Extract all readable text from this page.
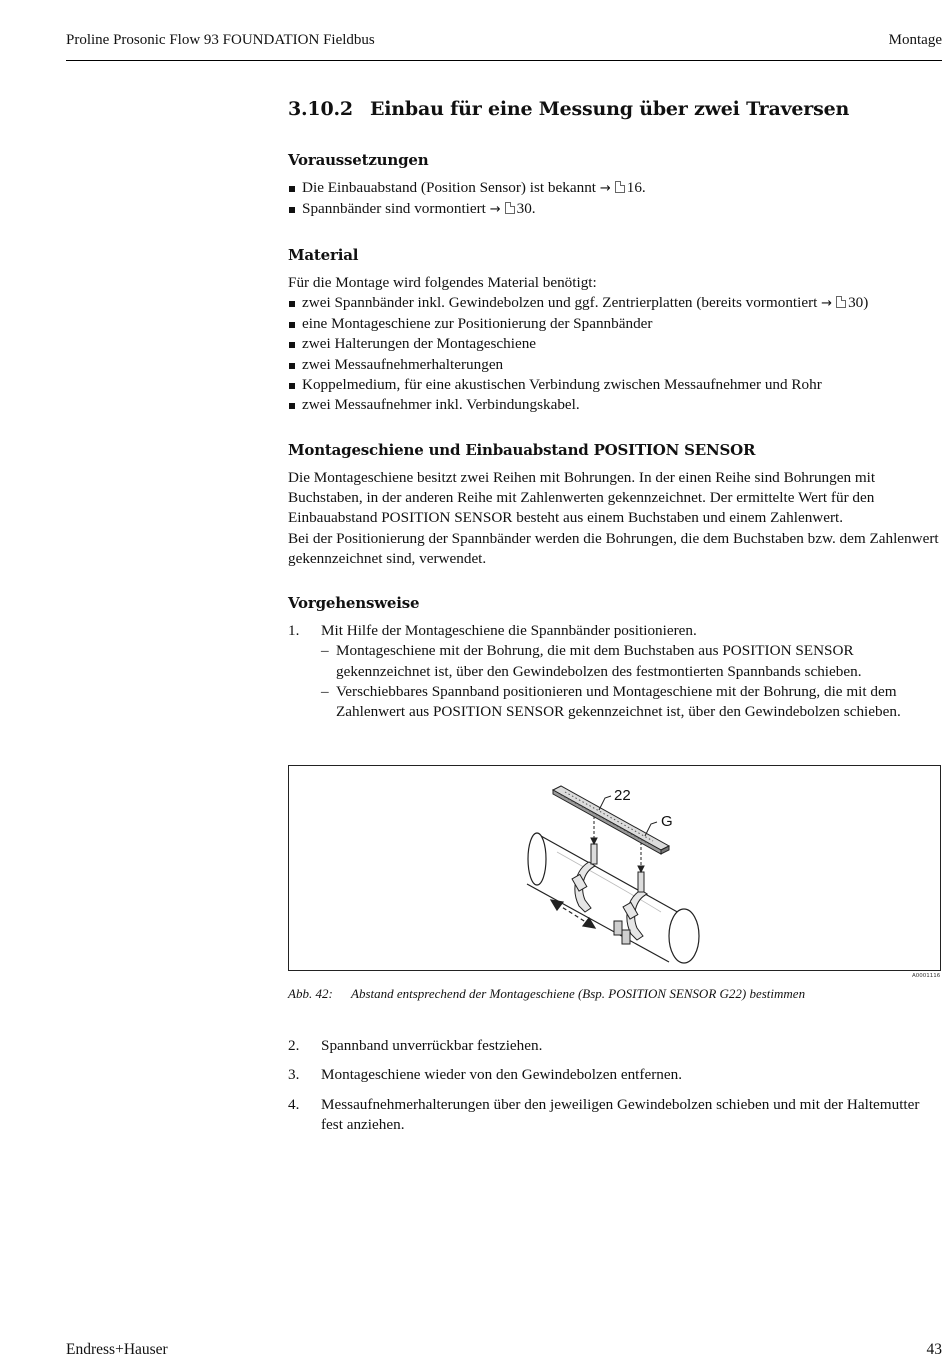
Proline Prosonic Flow 93 FOUNDATION Fieldbus	Montage
3.10.2 Einbau für eine Messung über zwei Traversen
Voraussetzungen
Die Einbauabstand (Position Sensor) ist bekannt → 16.
Spannbänder sind vormontiert → 30.
Material

Für die Montage wird folgendes Material benötigt:

zwei Spannbänder inkl. Gewindebolzen und ggf. Zentrierplatten (bereits vormontiert → 30)
eine Montageschiene zur Positionierung der Spannbänder
zwei Halterungen der Montageschiene
zwei Messaufnehmerhalterungen
Koppelmedium, für eine akustischen Verbindung zwischen Messaufnehmer und Rohr
zwei Messaufnehmer inkl. Verbindungskabel.
Montageschiene und Einbauabstand POSITION SENSOR

Die Montageschiene besitzt zwei Reihen mit Bohrungen. In der einen Reihe sind Bohrungen mit Buchstaben, in der anderen Reihe mit Zahlenwerten gekennzeichnet. Der ermittelte Wert für den Einbauabstand POSITION SENSOR besteht aus einem Buchstaben und einem Zahlenwert.

Bei der Positionierung der Spannbänder werden die Bohrungen, die dem Buchstaben bzw. dem Zahlenwert gekennzeichnet sind, verwendet.

Vorgehensweise
1. Mit Hilfe der Montageschiene die Spannbänder positionieren.
– Montageschiene mit der Bohrung, die mit dem Buchstaben aus POSITION SENSOR gekennzeichnet ist, über den Gewindebolzen des festmontierten Spannbands schieben.
– Verschiebbares Spannband positionieren und Montageschiene mit der Bohrung, die mit dem Zahlenwert aus POSITION SENSOR gekennzeichnet ist, über den Gewindebolzen schieben.
22
G
A0001116
Abb. 42: Abstand entsprechend der Montageschiene (Bsp. POSITION SENSOR G22) bestimmen
2. Spannband unverrückbar festziehen.
3. Montageschiene wieder von den Gewindebolzen entfernen.
4. Messaufnehmerhalterungen über den jeweiligen Gewindebolzen schieben und mit der Haltemutter fest anziehen.
Endress+Hauser	43
